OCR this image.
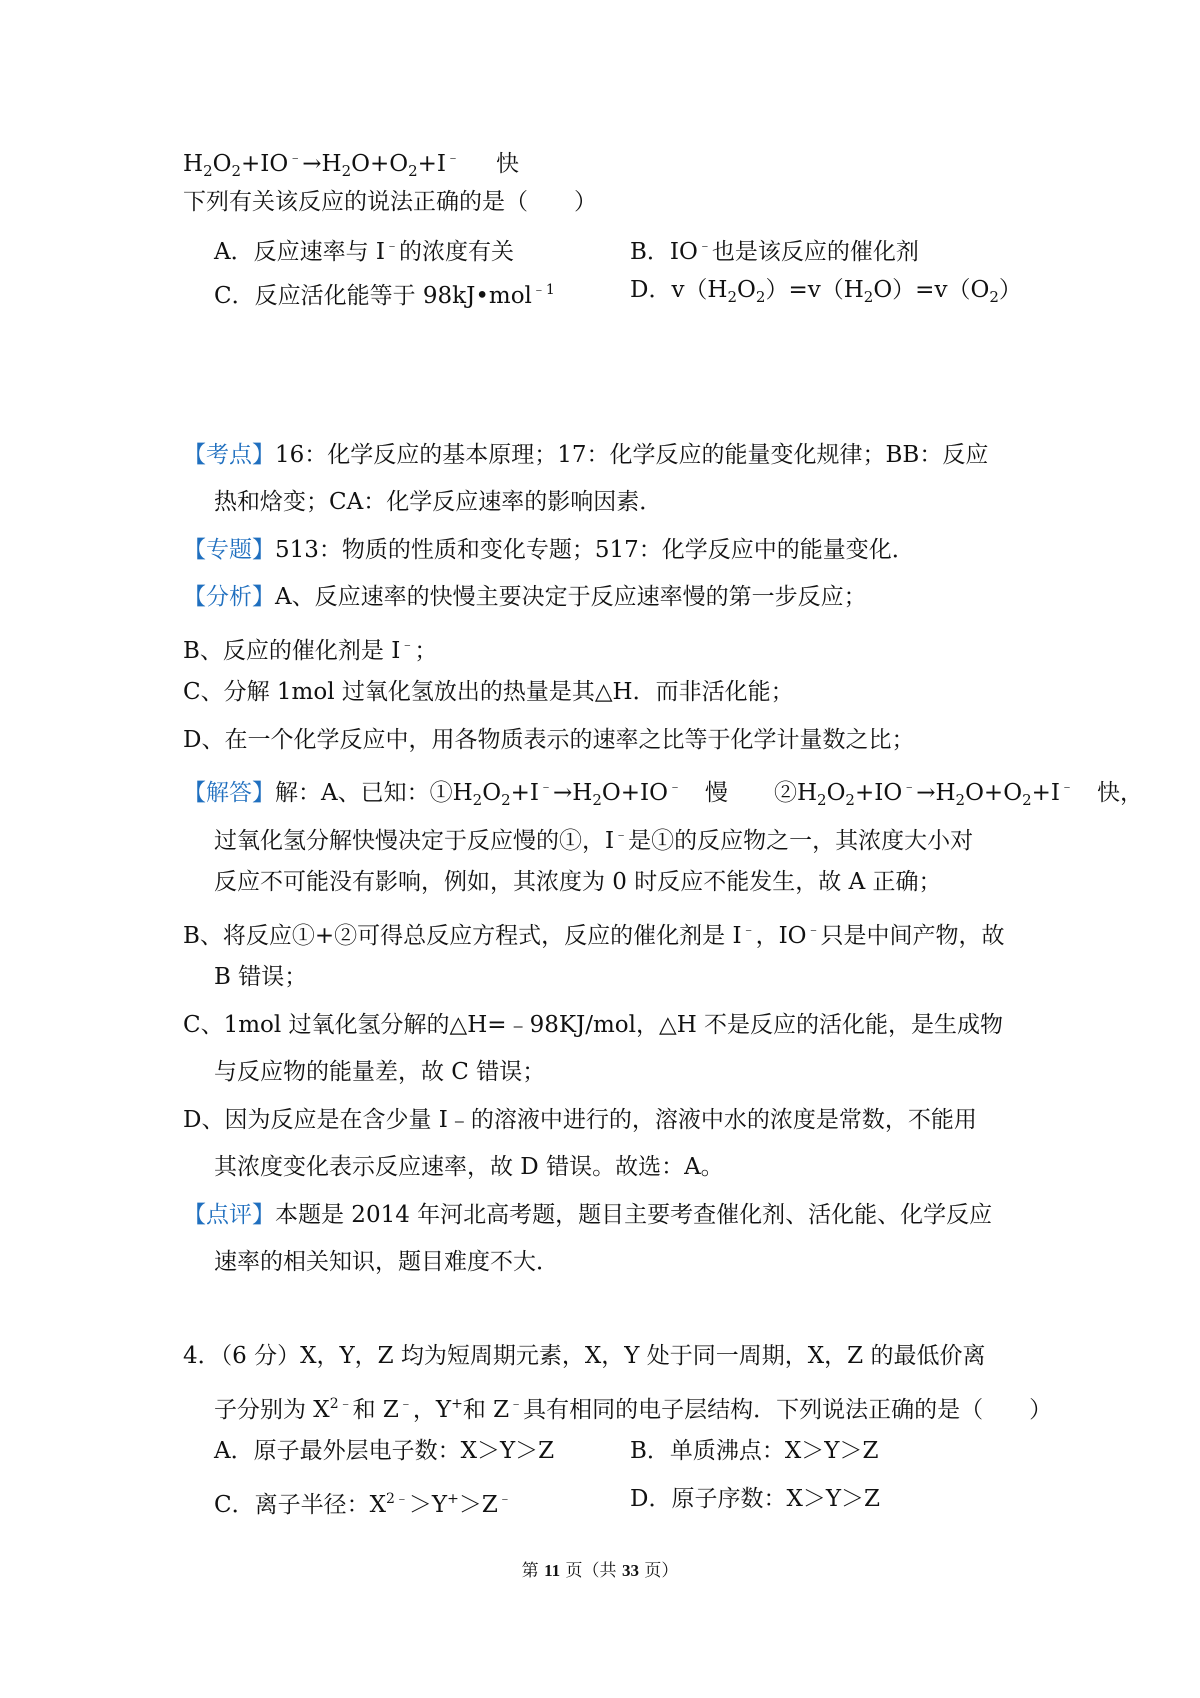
$H_2O_2+IO^﹣\to H_2O+O_2+I^﹣$ 快
下列有关该反应的说法正确的是（　　）
A．反应速率与 I﹣的浓度有关	B．IO﹣也是该反应的催化剂
C．反应活化能等于 98kJ•mol$^{﹣1}$	D．$v(H_2O_2)=v(H_2O)=v(O_2)$
【考点】16：化学反应的基本原理；17：化学反应的能量变化规律；BB：反应
热和焓变；CA：化学反应速率的影响因素．
【专题】513：物质的性质和变化专题；517：化学反应中的能量变化．
【分析】A、反应速率的快慢主要决定于反应速率慢的第一步反应；
B、反应的催化剂是 I﹣；
C、分解 1mol 过氧化氢放出的热量是其△H．而非活化能；
D、在一个化学反应中，用各物质表示的速率之比等于化学计量数之比；
【解答】解：A、已知：$①H_2O_2+I^﹣\to H_2O+IO^﹣$　慢　　$②H_2O_2+IO^﹣\to H_2O+O_2+I^﹣$　快，
过氧化氢分解快慢决定于反应慢的①，I﹣是①的反应物之一，其浓度大小对
反应不可能没有影响，例如，其浓度为 0 时反应不能发生，故 A 正确；
B、将反应①+②可得总反应方程式，反应的催化剂是 I﹣，IO﹣只是中间产物，故
B 错误；
C、1mol 过氧化氢分解的△H=﹣98KJ/mol，△H 不是反应的活化能，是生成物
与反应物的能量差，故 C 错误；
D、因为反应是在含少量 I﹣的溶液中进行的，溶液中水的浓度是常数，不能用
其浓度变化表示反应速率，故 D 错误。故选：A。
【点评】本题是 2014 年河北高考题，题目主要考查催化剂、活化能、化学反应
速率的相关知识，题目难度不大．
4．（6 分）X，Y，Z 均为短周期元素，X，Y 处于同一周期，X，Z 的最低价离
子分别为 $X^{2﹣}$和 Z﹣，Y+和 Z﹣具有相同的电子层结构．下列说法正确的是（　　）
A．原子最外层电子数：X＞Y＞Z	B．单质沸点：X＞Y＞Z
C．离子半径：$X^{2﹣}>Y^+>Z^﹣$	D．原子序数：X＞Y＞Z
第 11 页（共 33 页）
